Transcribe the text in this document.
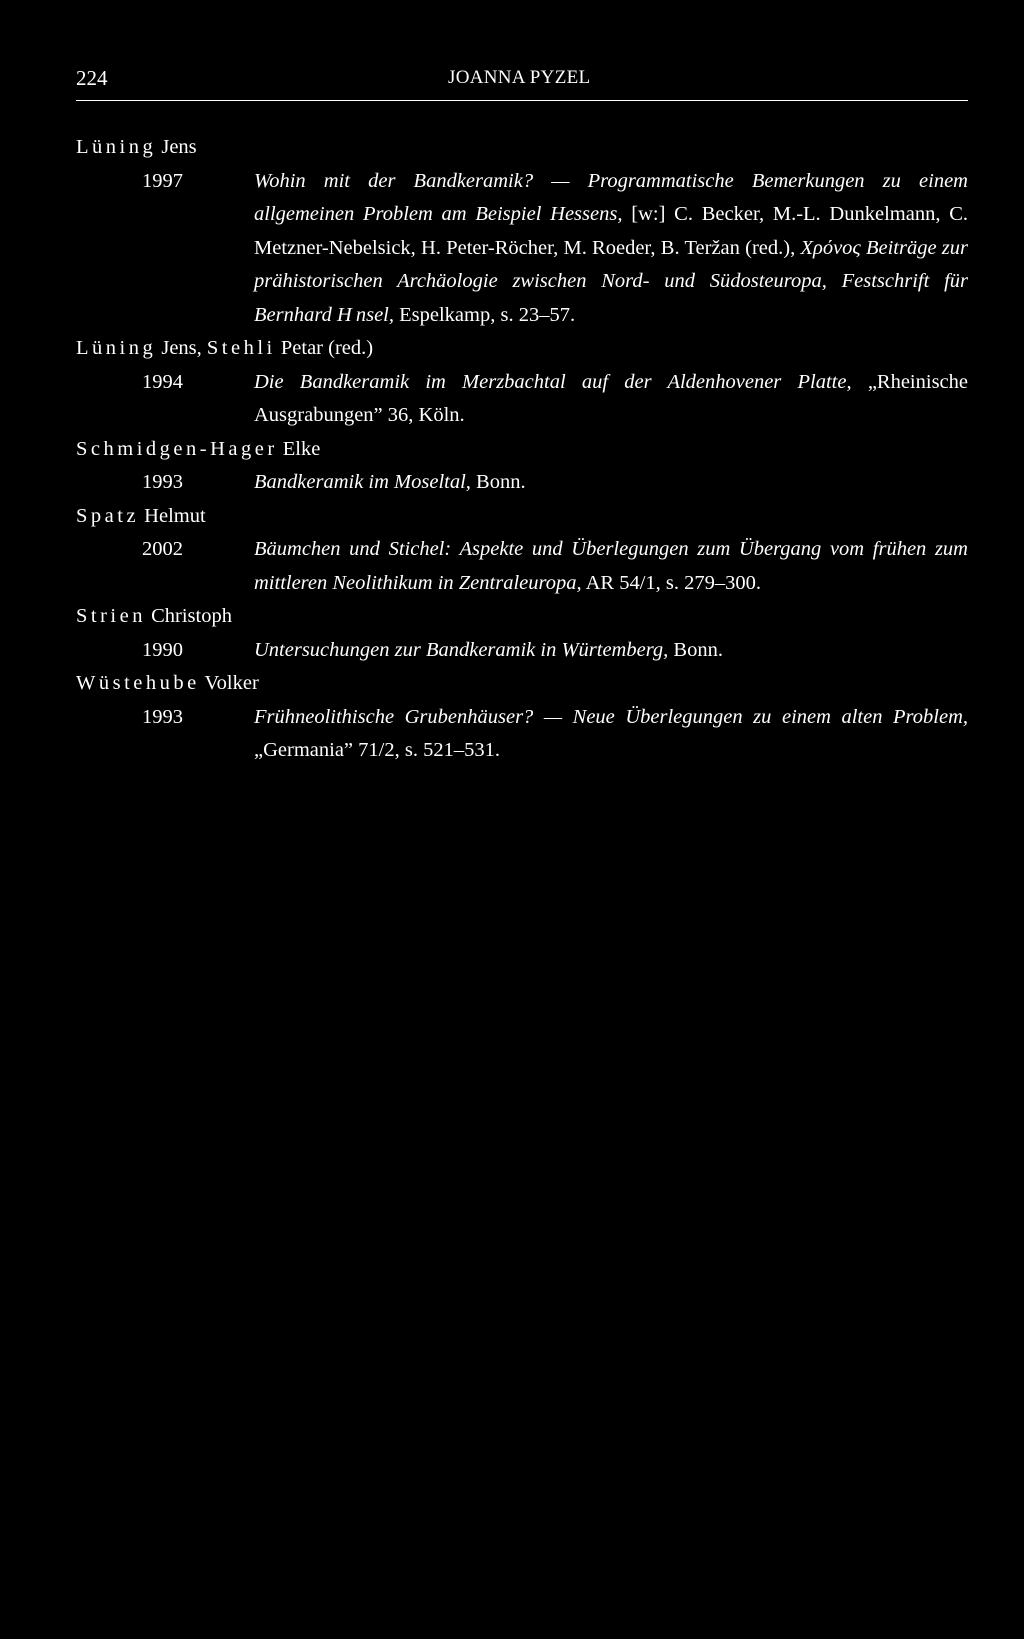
224	JOANNA PYZEL
Lüning Jens
1997	Wohin mit der Bandkeramik? — Programmatische Bemerkungen zu einem allgemeinen Problem am Beispiel Hessens, [w:] C. Becker, M.-L. Dunkelmann, C. Metzner-Nebelsick, H. Peter-Röcher, M. Roeder, B. Teržan (red.), Χρόνος Beiträge zur prähistorischen Archäologie zwischen Nord- und Südosteuropa, Festschrift für Bernhard H nsel, Espelkamp, s. 23–57.
Lüning Jens, Stehli Petar (red.)
1994	Die Bandkeramik im Merzbachtal auf der Aldenhovener Platte, „Rheinische Ausgrabungen” 36, Köln.
Schmidgen-Hager Elke
1993	Bandkeramik im Moseltal, Bonn.
Spatz Helmut
2002	Bäumchen und Stichel: Aspekte und Überlegungen zum Übergang vom frühen zum mittleren Neolithikum in Zentraleuropa, AR 54/1, s. 279–300.
Strien Christoph
1990	Untersuchungen zur Bandkeramik in Würtemberg, Bonn.
Wüstehube Volker
1993	Frühneolithische Grubenhäuser? — Neue Überlegungen zu einem alten Problem, „Germania” 71/2, s. 521–531.
